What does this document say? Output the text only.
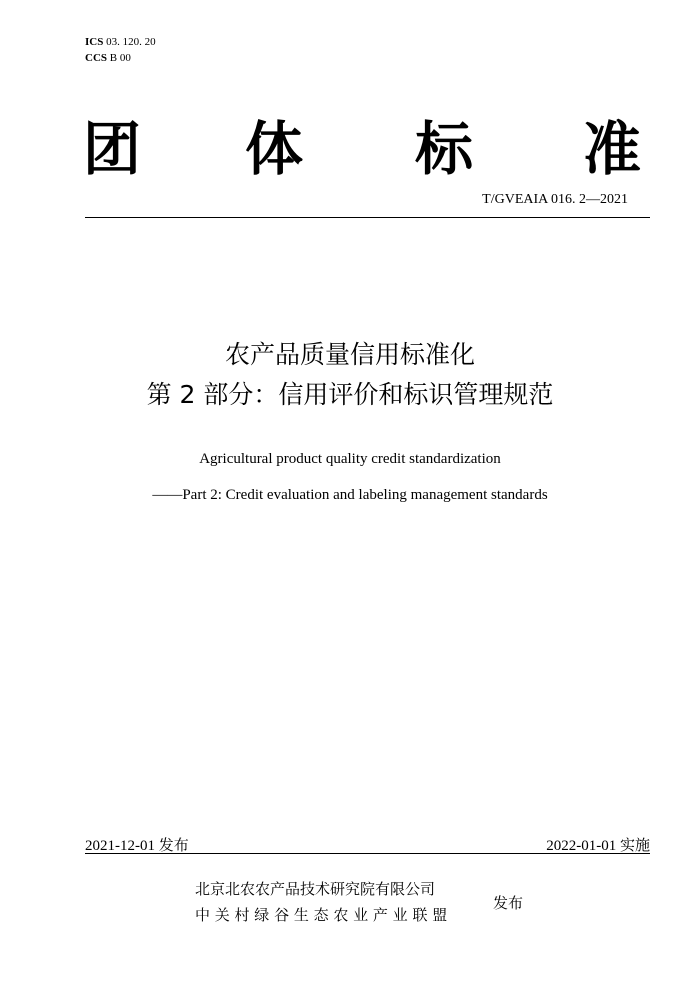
ICS 03. 120. 20
CCS B 00
团 体 标 准
T/GVEAIA 016. 2—2021
农产品质量信用标准化
第 2 部分：信用评价和标识管理规范
Agricultural product quality credit standardization
——Part 2: Credit evaluation and labeling management standards
2021-12-01 发布	2022-01-01 实施
北京北农农产品技术研究院有限公司
中 关 村 绿 谷 生 态 农 业 产 业 联 盟
发布
